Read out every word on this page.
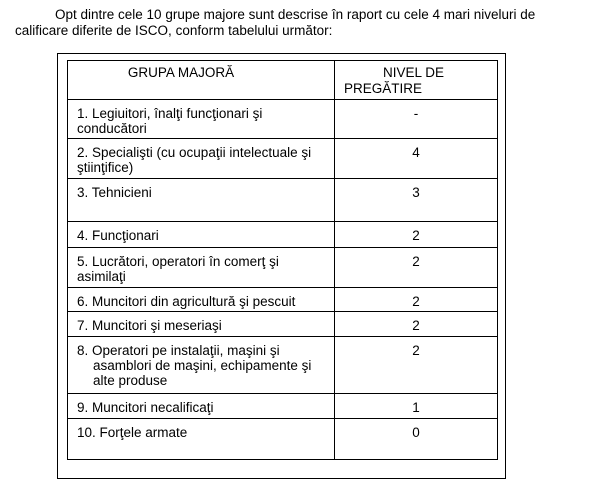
Opt dintre cele 10 grupe majore sunt descrise în raport cu cele 4 mari niveluri de
calificare diferite de ISCO, conform tabelului următor:
GRUPA MAJORĂ	NIVEL DE
PREGĂTIRE

1. Legiuitori, înalţi funcţionari şi
conducători	-

2. Specialişti (cu ocupaţii intelectuale şi
ştiinţifice)	4

3. Tehnicieni	3

4. Funcţionari	2

5. Lucrători, operatori în comerţ şi
asimilaţi	2

6. Muncitori din agricultură şi pescuit	2

7. Muncitori şi meseriaşi	2

8. Operatori pe instalaţii, maşini şi
asamblori de maşini, echipamente şi
alte produse	2

9. Muncitori necalificaţi	1

10. Forţele armate	0
